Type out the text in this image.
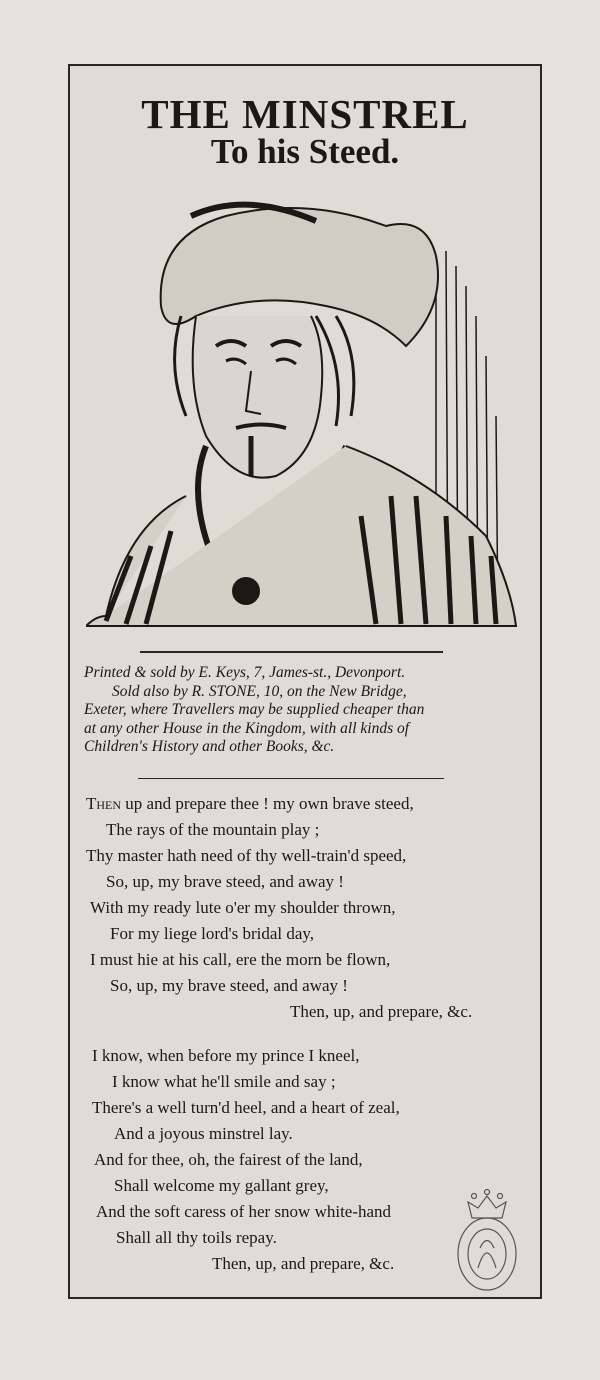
THE MINSTREL
To his Steed.
Printed & sold by E. Keys, 7, James-st., Devonport.
Sold also by R. STONE, 10, on the New Bridge,
Exeter, where Travellers may be supplied cheaper than
at any other House in the Kingdom, with all kinds of
Children's History and other Books, &c.
Then up and prepare thee ! my own brave steed,
The rays of the mountain play ;
Thy master hath need of thy well-train'd speed,
So, up, my brave steed, and away !
With my ready lute o'er my shoulder thrown,
For my liege lord's bridal day,
I must hie at his call, ere the morn be flown,
So, up, my brave steed, and away !
Then, up, and prepare, &c.
I know, when before my prince I kneel,
I know what he'll smile and say ;
There's a well turn'd heel, and a heart of zeal,
And a joyous minstrel lay.
And for thee, oh, the fairest of the land,
Shall welcome my gallant grey,
And the soft caress of her snow white-hand
Shall all thy toils repay.
Then, up, and prepare, &c.
